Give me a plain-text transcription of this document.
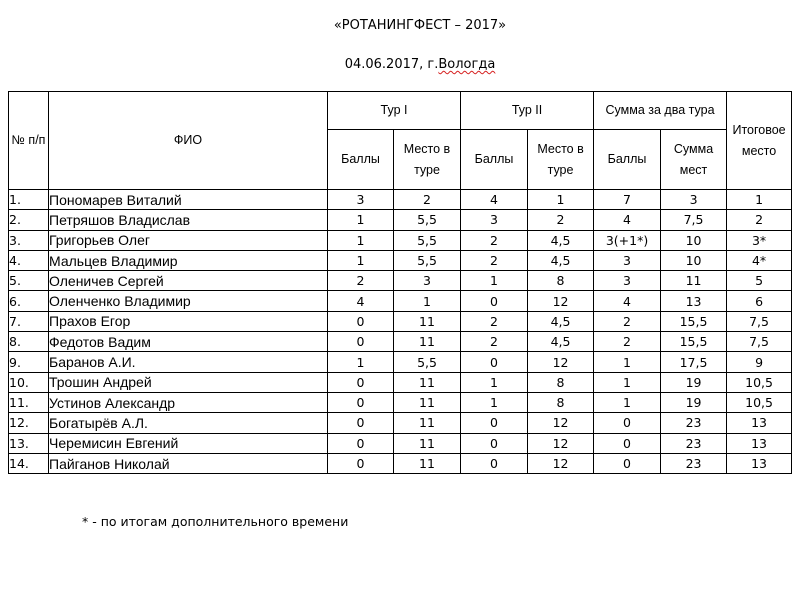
«РОТАНИНГФЕСТ – 2017»
04.06.2017, г.Вологда
№ п/п	ФИО	Тур I		Тур II		Сумма за два тура		Итоговое место
		Баллы	Место в туре	Баллы	Место в туре	Баллы	Сумма мест	
1.	Пономарев Виталий	3	2	4	1	7	3	1
2.	Петряшов Владислав	1	5,5	3	2	4	7,5	2
3.	Григорьев Олег	1	5,5	2	4,5	3(+1*)	10	3*
4.	Мальцев Владимир	1	5,5	2	4,5	3	10	4*
5.	Оленичев Сергей	2	3	1	8	3	11	5
6.	Оленченко Владимир	4	1	0	12	4	13	6
7.	Прахов Егор	0	11	2	4,5	2	15,5	7,5
8.	Федотов Вадим	0	11	2	4,5	2	15,5	7,5
9.	Баранов А.И.	1	5,5	0	12	1	17,5	9
10.	Трошин Андрей	0	11	1	8	1	19	10,5
11.	Устинов Александр	0	11	1	8	1	19	10,5
12.	Богатырёв А.Л.	0	11	0	12	0	23	13
13.	Черемисин Евгений	0	11	0	12	0	23	13
14.	Пайганов Николай	0	11	0	12	0	23	13
* - по итогам дополнительного времени
